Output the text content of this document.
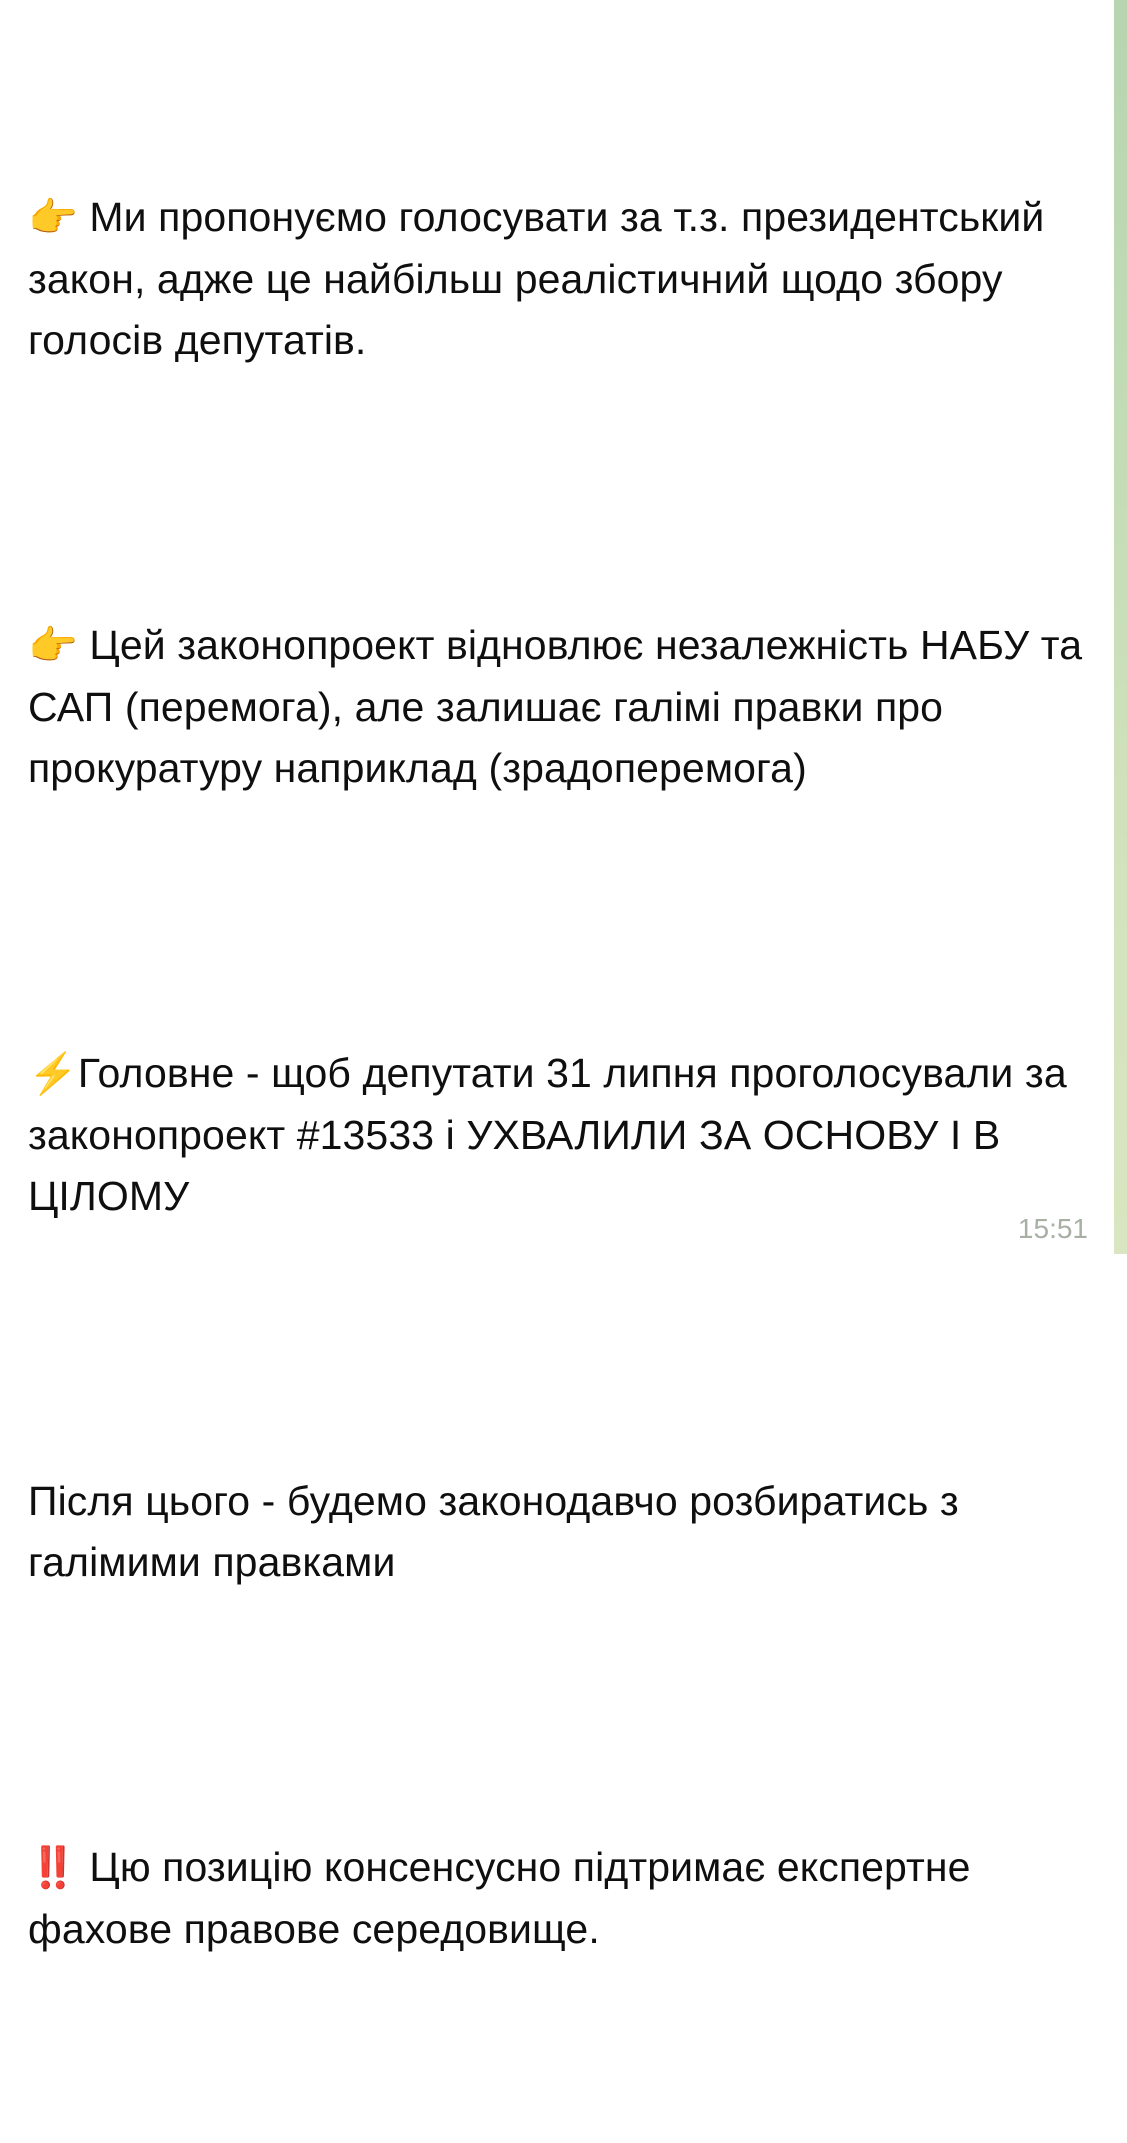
👉 Ми пропонуємо голосувати за т.з. президентський закон, адже це найбільш реалістичний щодо збору голосів депутатів.

👉 Цей законопроект відновлює незалежність НАБУ та САП (перемога), але залишає галімі правки про прокуратуру наприклад (зрадоперемога)

⚡Головне - щоб депутати 31 липня проголосували за законопроект #13533 і УХВАЛИЛИ ЗА ОСНОВУ І В ЦІЛОМУ

Після цього - будемо законодавчо розбиратись з галімими правками

‼️ Цю позицію консенсусно підтримає експертне фахове правове середовище.

15:51
